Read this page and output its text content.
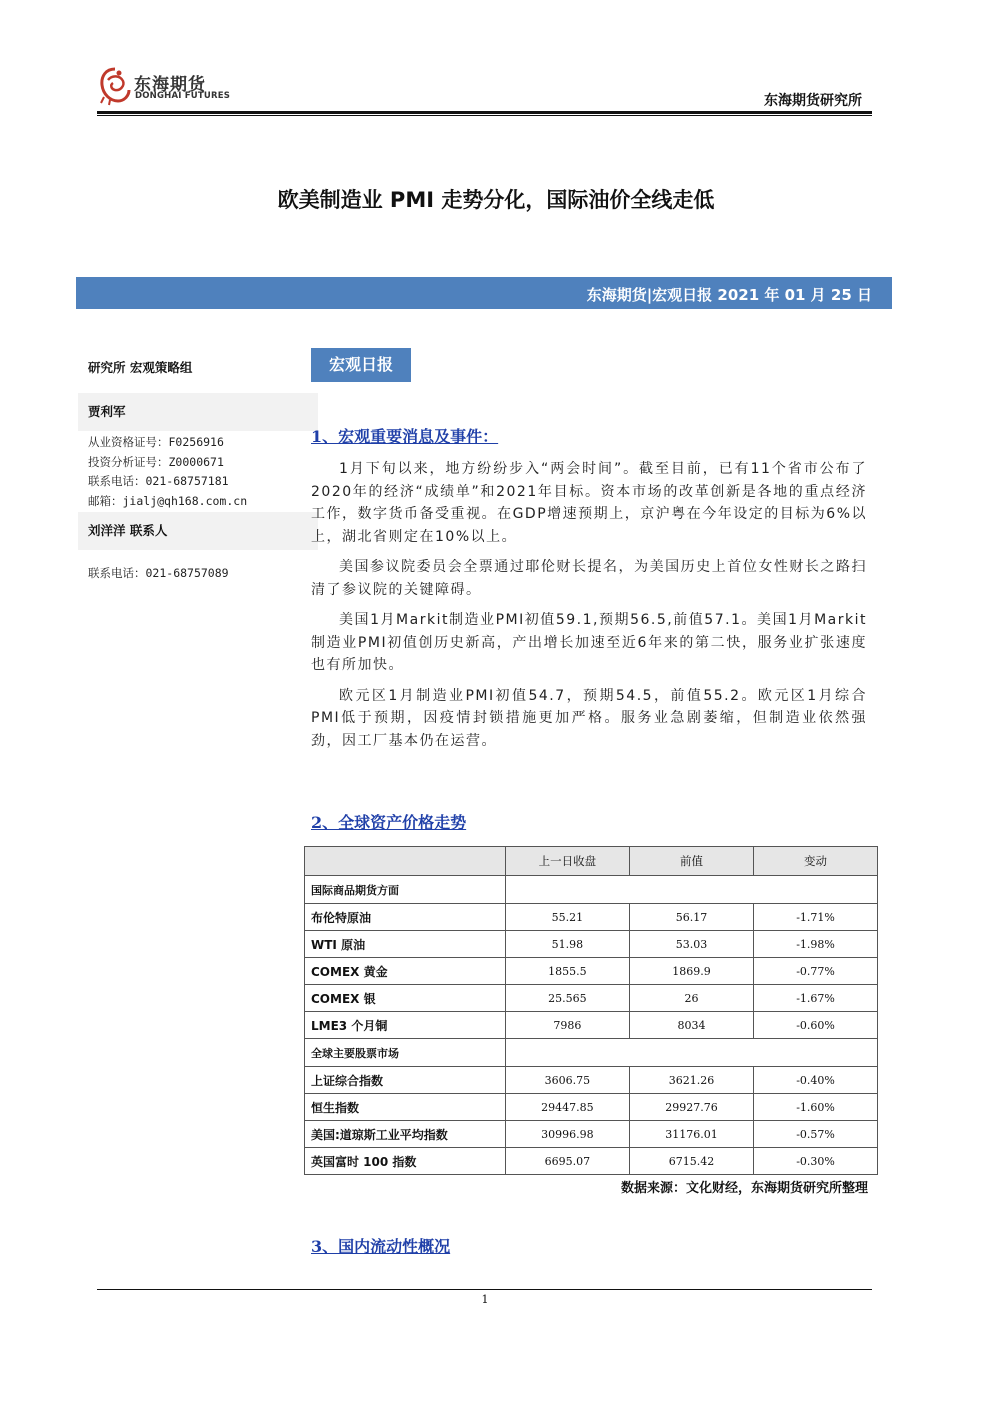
东海期货
DONGHAI FUTURES	东海期货研究所
欧美制造业 PMI 走势分化，国际油价全线走低
东海期货|宏观日报 2021 年 01 月 25 日
研究所 宏观策略组
贾利军
从业资格证号：F0256916
投资分析证号：Z0000671
联系电话：021-68757181
邮箱：jialj@qh168.com.cn
刘洋洋 联系人
联系电话：021-68757089
宏观日报
1、宏观重要消息及事件：

1月下旬以来，地方纷纷步入“两会时间”。截至目前，已有11个省市公布了2020年的经济“成绩单”和2021年目标。资本市场的改革创新是各地的重点经济工作，数字货币备受重视。在GDP增速预期上，京沪粤在今年设定的目标为6%以上，湖北省则定在10%以上。

美国参议院委员会全票通过耶伦财长提名，为美国历史上首位女性财长之路扫清了参议院的关键障碍。

美国1月Markit制造业PMI初值59.1,预期56.5,前值57.1。美国1月Markit制造业PMI初值创历史新高，产出增长加速至近6年来的第二快，服务业扩张速度也有所加快。

欧元区1月制造业PMI初值54.7，预期54.5，前值55.2。欧元区1月综合PMI低于预期，因疫情封锁措施更加严格。服务业急剧萎缩，但制造业依然强劲，因工厂基本仍在运营。

2、全球资产价格走势
	上一日收盘	前值	变动
国际商品期货方面			
布伦特原油	55.21	56.17	-1.71%
WTI 原油	51.98	53.03	-1.98%
COMEX 黄金	1855.5	1869.9	-0.77%
COMEX 银	25.565	26	-1.67%
LME3 个月铜	7986	8034	-0.60%
全球主要股票市场			
上证综合指数	3606.75	3621.26	-0.40%
恒生指数	29447.85	29927.76	-1.60%
美国:道琼斯工业平均指数	30996.98	31176.01	-0.57%
英国富时 100 指数	6695.07	6715.42	-0.30%
数据来源：文化财经，东海期货研究所整理
3、国内流动性概况
1
